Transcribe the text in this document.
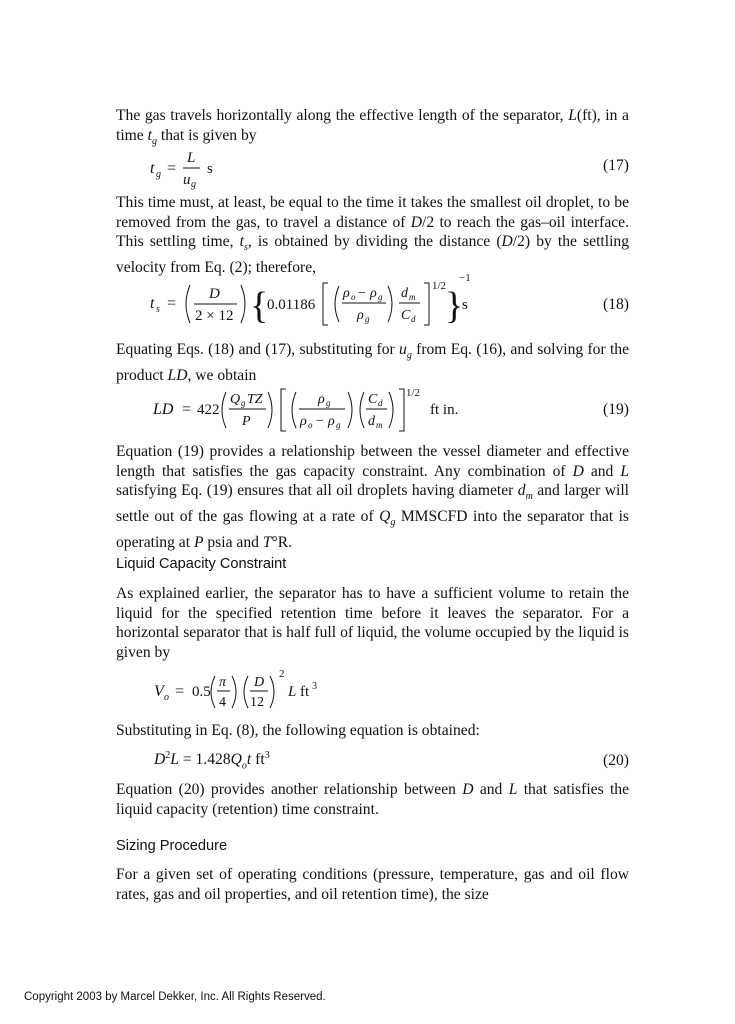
The gas travels horizontally along the effective length of the separator, L(ft), in a time $t_g$ that is given by

t g =
L
u g
s	(17)

This time must, at least, be equal to the time it takes the smallest oil droplet, to be removed from the gas, to travel a distance of D/2 to reach the gas–oil interface. This settling time, $t_s$, is obtained by dividing the distance (D/2) by the settling velocity from Eq. (2); therefore,

t s =
D
2 × 12 {
0.01186
ρ o − ρ g
ρ g
d m
C d
1/2
}
−1
s	(18)

Equating Eqs. (18) and (17), substituting for $u_g$ from Eq. (16), and solving for the product LD, we obtain

LD = 422
Q g TZ
P
ρ g
ρ o − ρ g
C d
d m
1/2
ft in.	(19)

Equation (19) provides a relationship between the vessel diameter and effective length that satisfies the gas capacity constraint. Any combination of D and L satisfying Eq. (19) ensures that all oil droplets having diameter $d_m$ and larger will settle out of the gas flowing at a rate of $Q_g$ MMSCFD into the separator that is operating at P psia and T°R.

Liquid Capacity Constraint

As explained earlier, the separator has to have a sufficient volume to retain the liquid for the specified retention time before it leaves the separator. For a horizontal separator that is half full of liquid, the volume occupied by the liquid is given by

V o = 0.5
π
4
D
12
2
L ft 3

Substituting in Eq. (8), the following equation is obtained:

$D^2L = 1.428Q_ot$ $ft^3$	(20)

Equation (20) provides another relationship between D and L that satisfies the liquid capacity (retention) time constraint.

Sizing Procedure

For a given set of operating conditions (pressure, temperature, gas and oil flow rates, gas and oil properties, and oil retention time), the size

Copyright 2003 by Marcel Dekker, Inc. All Rights Reserved.
